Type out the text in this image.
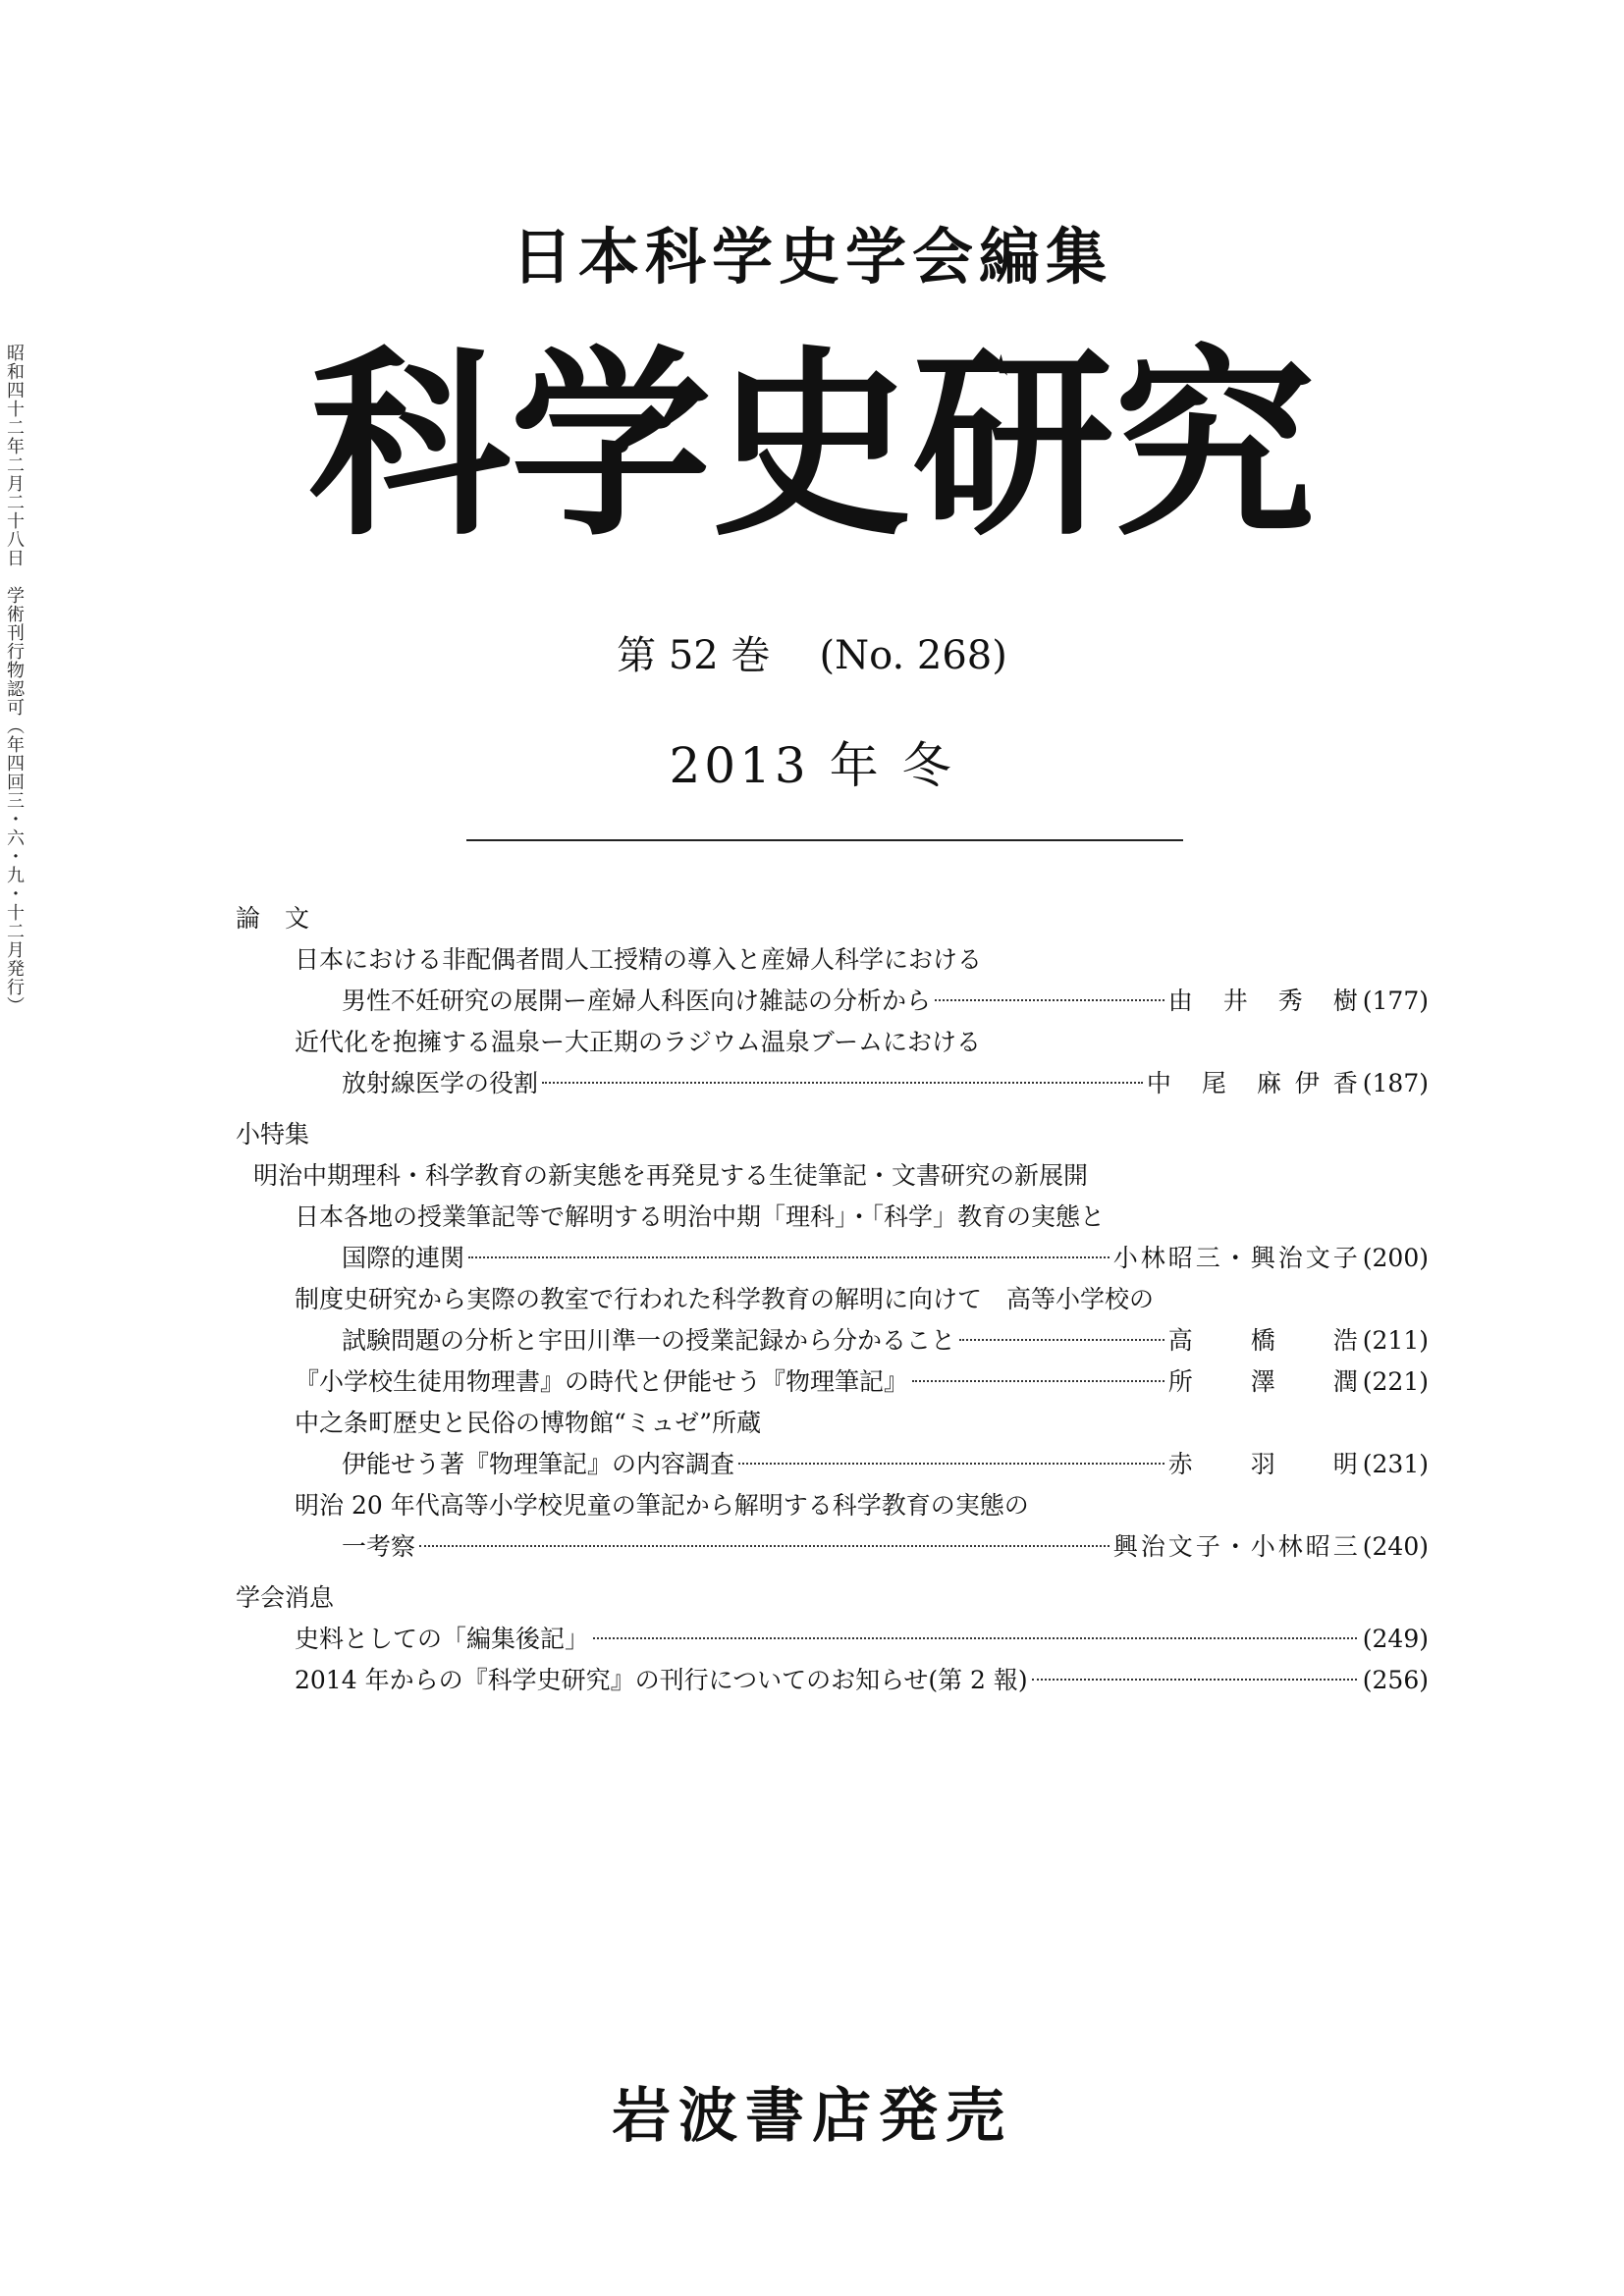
昭和四十二年二月二十八日　学術刊行物認可（年四回三・六・九・十二月発行）
日本科学史学会編集
科学史研究
第 52 巻 (No. 268)
2013 年 冬
論　文
日本における非配偶者間人工授精の導入と産婦人科学における
男性不妊研究の展開ー産婦人科医向け雑誌の分析から	由　井　秀　樹 (177)
近代化を抱擁する温泉ー大正期のラジウム温泉ブームにおける
放射線医学の役割	中　尾　麻 伊 香 (187)
小特集
明治中期理科・科学教育の新実態を再発見する生徒筆記・文書研究の新展開
日本各地の授業筆記等で解明する明治中期「理科」・「科学」教育の実態と
国際的連関	小林昭三・興治文子 (200)
制度史研究から実際の教室で行われた科学教育の解明に向けて　高等小学校の
試験問題の分析と宇田川準一の授業記録から分かること	高　　橋　　浩 (211)
『小学校生徒用物理書』の時代と伊能せう『物理筆記』	所　　澤　　潤 (221)
中之条町歴史と民俗の博物館“ミュゼ”所蔵
伊能せう著『物理筆記』の内容調査	赤　　羽　　明 (231)
明治 20 年代高等小学校児童の筆記から解明する科学教育の実態の
一考察	興治文子・小林昭三 (240)
学会消息
史料としての「編集後記」	(249)
2014 年からの『科学史研究』の刊行についてのお知らせ(第 2 報)	(256)
岩波書店発売
